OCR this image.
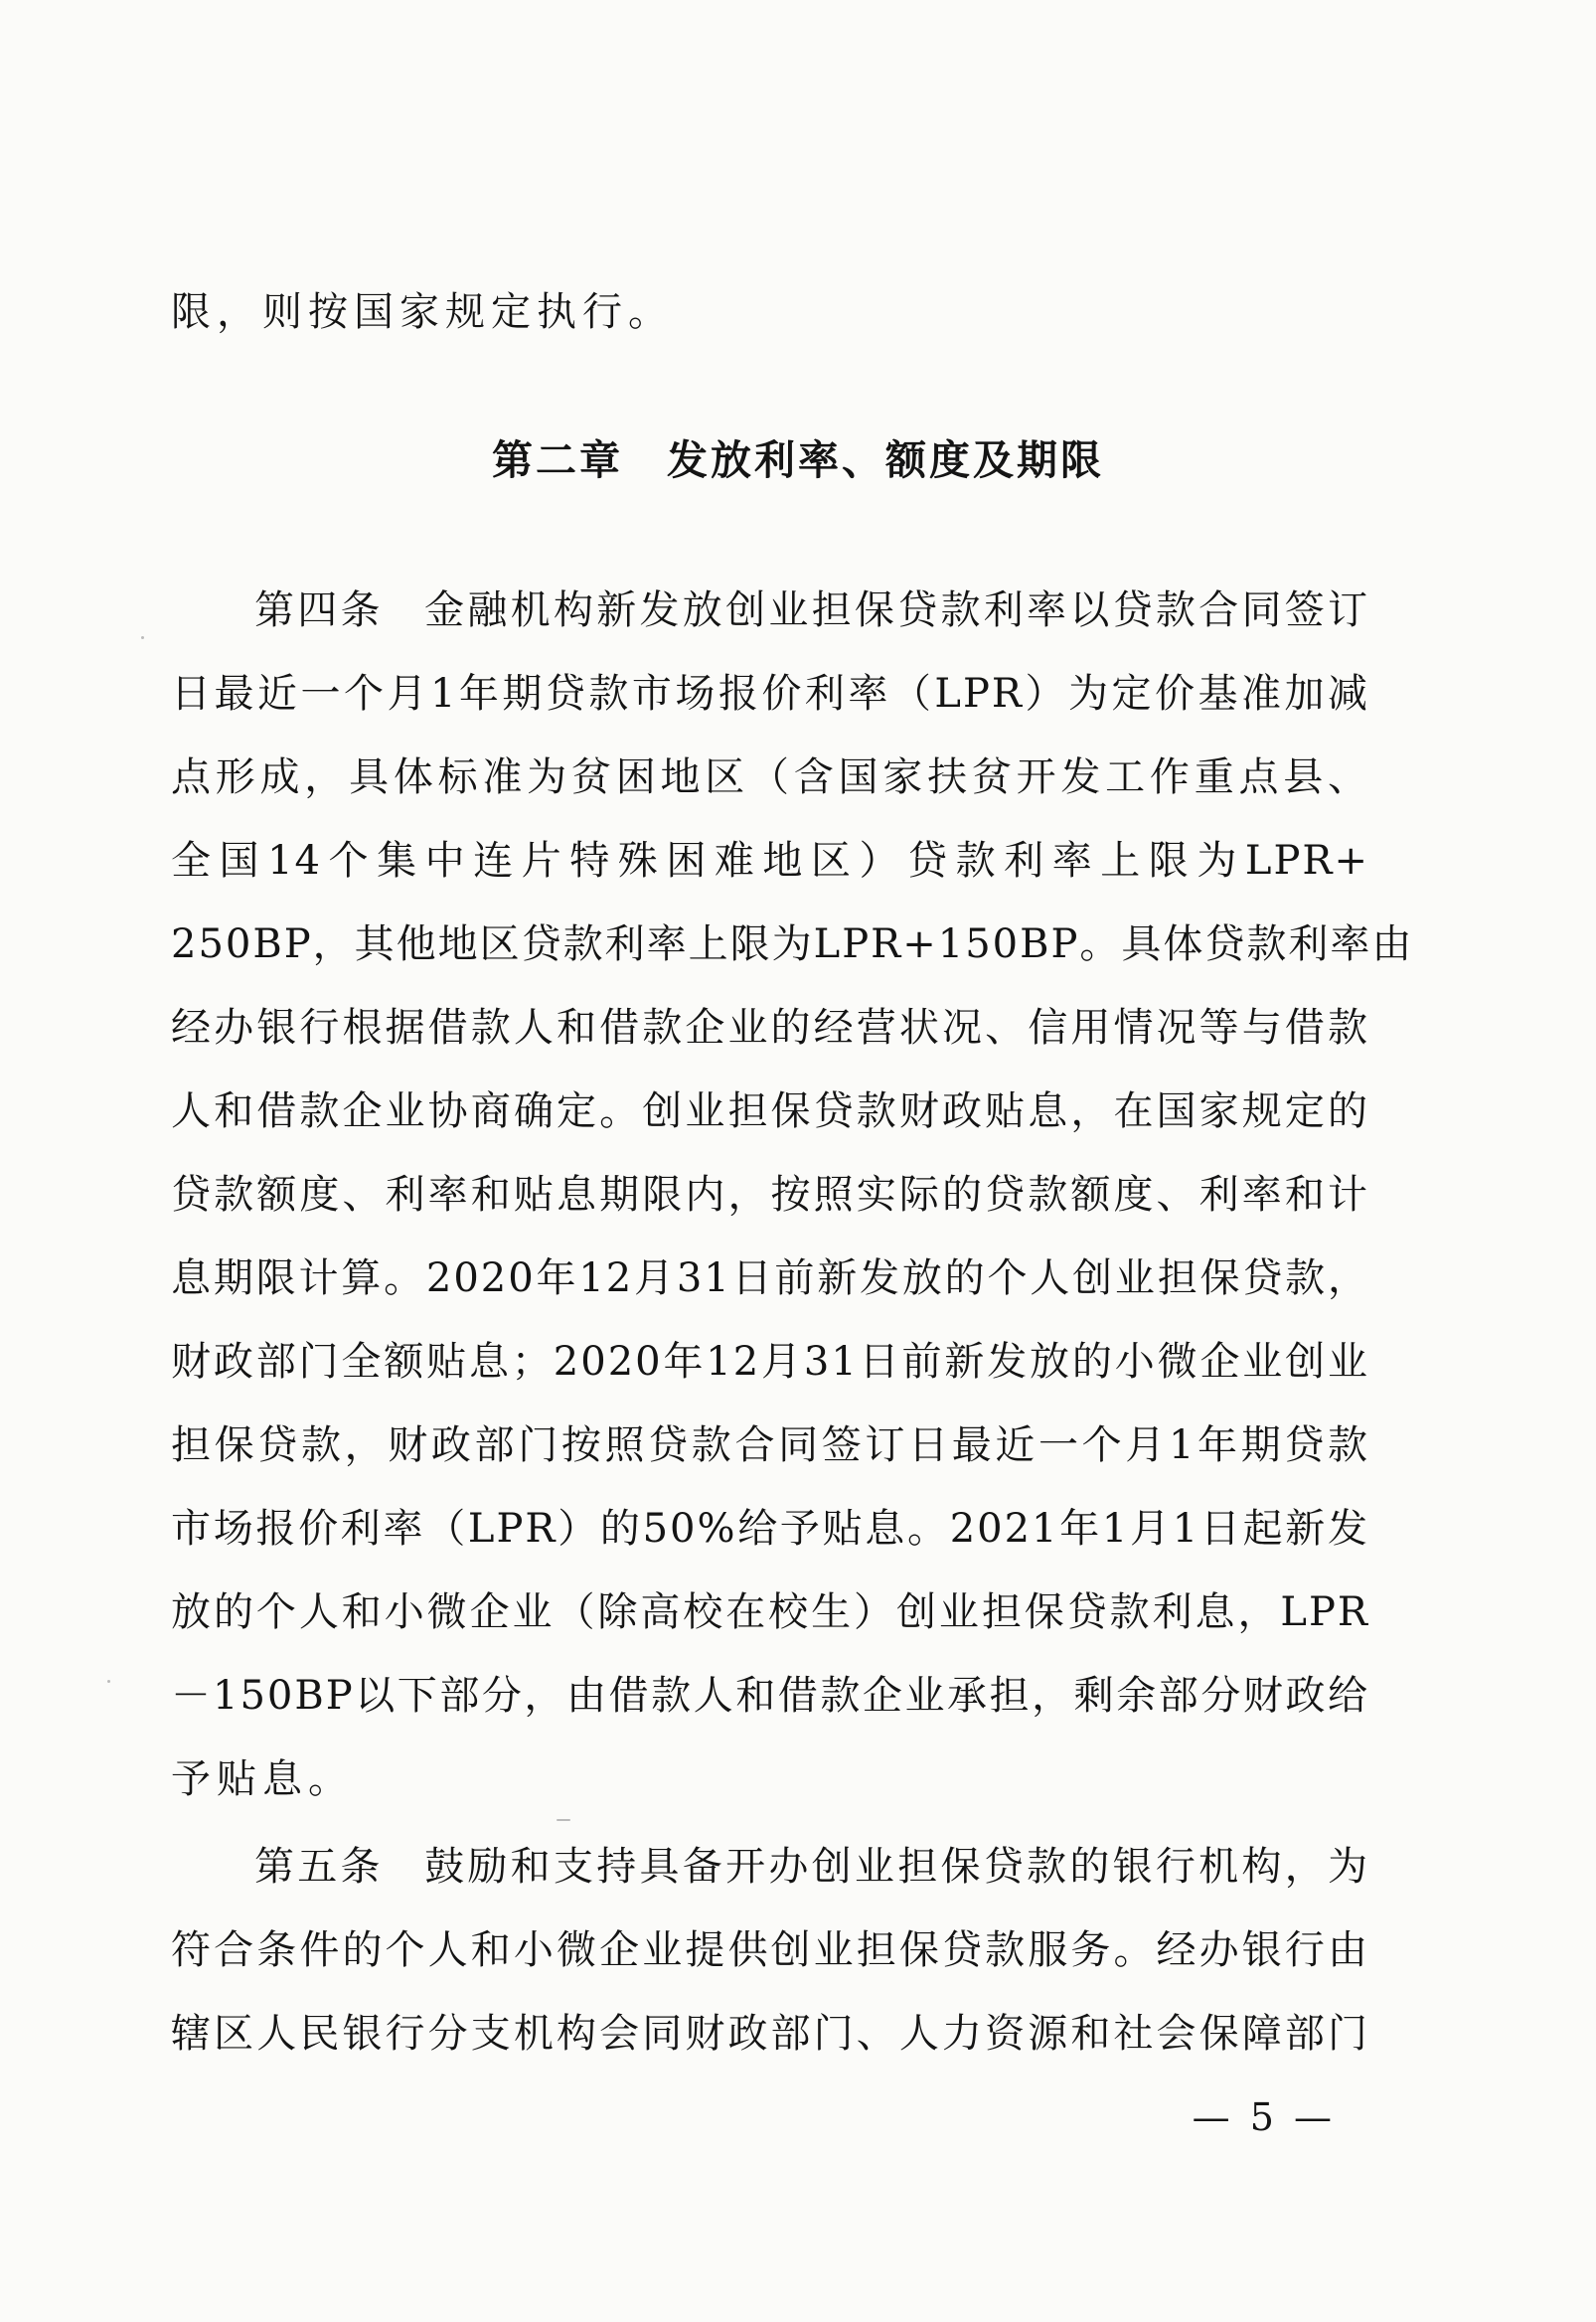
限，则按国家规定执行。
第二章　发放利率、额度及期限
第四条 金融机构新发放创业担保贷款利率以贷款合同签订
日最近一个月1年期贷款市场报价利率（LPR）为定价基准加减
点形成，具体标准为贫困地区（含国家扶贫开发工作重点县、
全国14个集中连片特殊困难地区）贷款利率上限为LPR+
250BP，其他地区贷款利率上限为LPR+150BP。具体贷款利率由
经办银行根据借款人和借款企业的经营状况、信用情况等与借款
人和借款企业协商确定。创业担保贷款财政贴息，在国家规定的
贷款额度、利率和贴息期限内，按照实际的贷款额度、利率和计
息期限计算。2020年12月31日前新发放的个人创业担保贷款，
财政部门全额贴息；2020年12月31日前新发放的小微企业创业
担保贷款，财政部门按照贷款合同签订日最近一个月1年期贷款
市场报价利率（LPR）的50%给予贴息。2021年1月1日起新发
放的个人和小微企业（除高校在校生）创业担保贷款利息，LPR
－150BP以下部分，由借款人和借款企业承担，剩余部分财政给
予贴息。
第五条 鼓励和支持具备开办创业担保贷款的银行机构，为
符合条件的个人和小微企业提供创业担保贷款服务。经办银行由
辖区人民银行分支机构会同财政部门、人力资源和社会保障部门
— 5 —
